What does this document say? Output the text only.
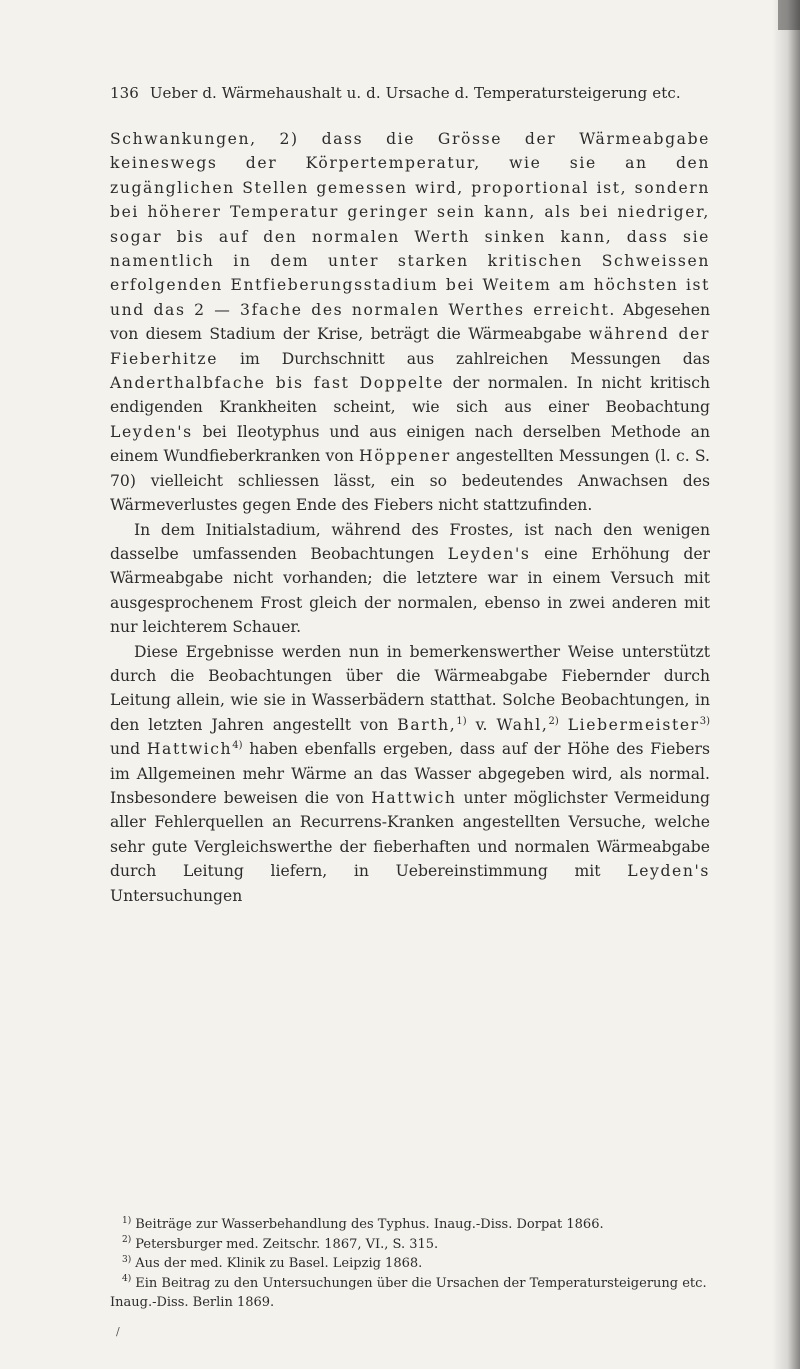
136 Ueber d. Wärmehaushalt u. d. Ursache d. Temperatursteigerung etc.

Schwankungen, 2) dass die Grösse der Wärmeabgabe keineswegs der Körpertemperatur, wie sie an den zugänglichen Stellen gemessen wird, proportional ist, sondern bei höherer Temperatur geringer sein kann, als bei niedriger, sogar bis auf den normalen Werth sinken kann, dass sie namentlich in dem unter starken kritischen Schweissen erfolgenden Entfieberungsstadium bei Weitem am höchsten ist und das 2 — 3fache des normalen Werthes erreicht. Abgesehen von diesem Stadium der Krise, beträgt die Wärmeabgabe während der Fieberhitze im Durchschnitt aus zahlreichen Messungen das Anderthalbfache bis fast Doppelte der normalen. In nicht kritisch endigenden Krankheiten scheint, wie sich aus einer Beobachtung Leyden's bei Ileotyphus und aus einigen nach derselben Methode an einem Wundfieberkranken von Höppener angestellten Messungen (l. c. S. 70) vielleicht schliessen lässt, ein so bedeutendes Anwachsen des Wärmeverlustes gegen Ende des Fiebers nicht stattzufinden.

In dem Initialstadium, während des Frostes, ist nach den wenigen dasselbe umfassenden Beobachtungen Leyden's eine Erhöhung der Wärmeabgabe nicht vorhanden; die letztere war in einem Versuch mit ausgesprochenem Frost gleich der normalen, ebenso in zwei anderen mit nur leichterem Schauer.

Diese Ergebnisse werden nun in bemerkenswerther Weise unterstützt durch die Beobachtungen über die Wärmeabgabe Fiebernder durch Leitung allein, wie sie in Wasserbädern statthat. Solche Beobachtungen, in den letzten Jahren angestellt von Barth,$^{1)}$ v. Wahl,$^{2)}$ Liebermeister$^{3)}$ und Hattwich$^{4)}$ haben ebenfalls ergeben, dass auf der Höhe des Fiebers im Allgemeinen mehr Wärme an das Wasser abgegeben wird, als normal. Insbesondere beweisen die von Hattwich unter möglichster Vermeidung aller Fehlerquellen an Recurrens-Kranken angestellten Versuche, welche sehr gute Vergleichswerthe der fieberhaften und normalen Wärmeabgabe durch Leitung liefern, in Uebereinstimmung mit Leyden's Untersuchungen

$^{1)}$ Beiträge zur Wasserbehandlung des Typhus. Inaug.-Diss. Dorpat 1866.
$^{2)}$ Petersburger med. Zeitschr. 1867, VI., S. 315.
$^{3)}$ Aus der med. Klinik zu Basel. Leipzig 1868.
$^{4)}$ Ein Beitrag zu den Untersuchungen über die Ursachen der Temperatursteigerung etc. Inaug.-Diss. Berlin 1869.
/
